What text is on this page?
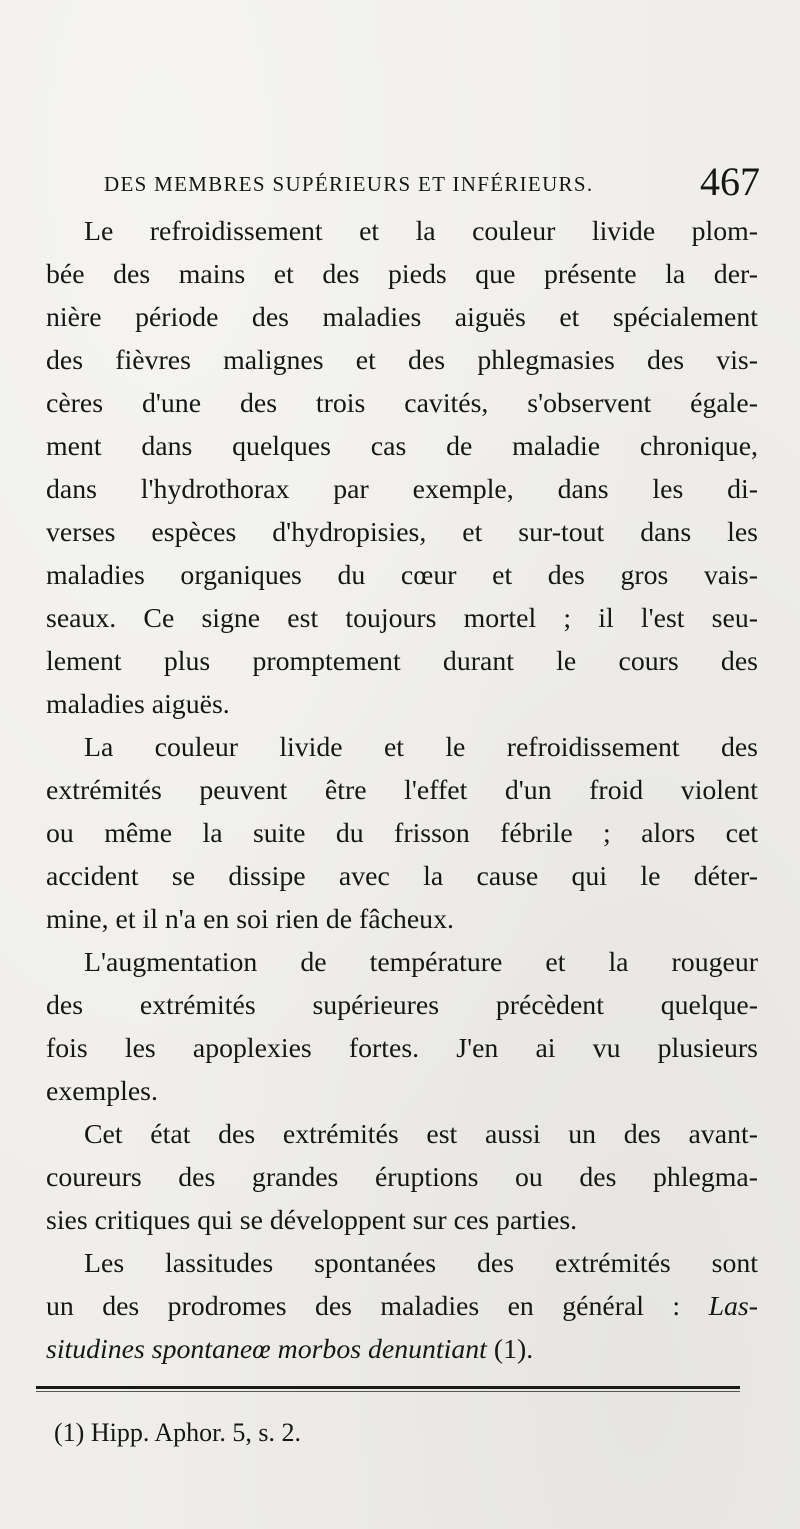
DES MEMBRES SUPÉRIEURS ET INFÉRIEURS.	467
Le refroidissement et la couleur livide plom-
bée des mains et des pieds que présente la der-
nière période des maladies aiguës et spécialement
des fièvres malignes et des phlegmasies des vis-
cères d'une des trois cavités, s'observent égale-
ment dans quelques cas de maladie chronique,
dans l'hydrothorax par exemple, dans les di-
verses espèces d'hydropisies, et sur-tout dans les
maladies organiques du cœur et des gros vais-
seaux. Ce signe est toujours mortel ; il l'est seu-
lement plus promptement durant le cours des
maladies aiguës.
La couleur livide et le refroidissement des
extrémités peuvent être l'effet d'un froid violent
ou même la suite du frisson fébrile ; alors cet
accident se dissipe avec la cause qui le déter-
mine, et il n'a en soi rien de fâcheux.
L'augmentation de température et la rougeur
des extrémités supérieures précèdent quelque-
fois les apoplexies fortes. J'en ai vu plusieurs
exemples.
Cet état des extrémités est aussi un des avant-
coureurs des grandes éruptions ou des phlegma-
sies critiques qui se développent sur ces parties.
Les lassitudes spontanées des extrémités sont
un des prodromes des maladies en général : Las-
situdines spontaneœ morbos denuntiant (1).
(1) Hipp. Aphor. 5, s. 2.
